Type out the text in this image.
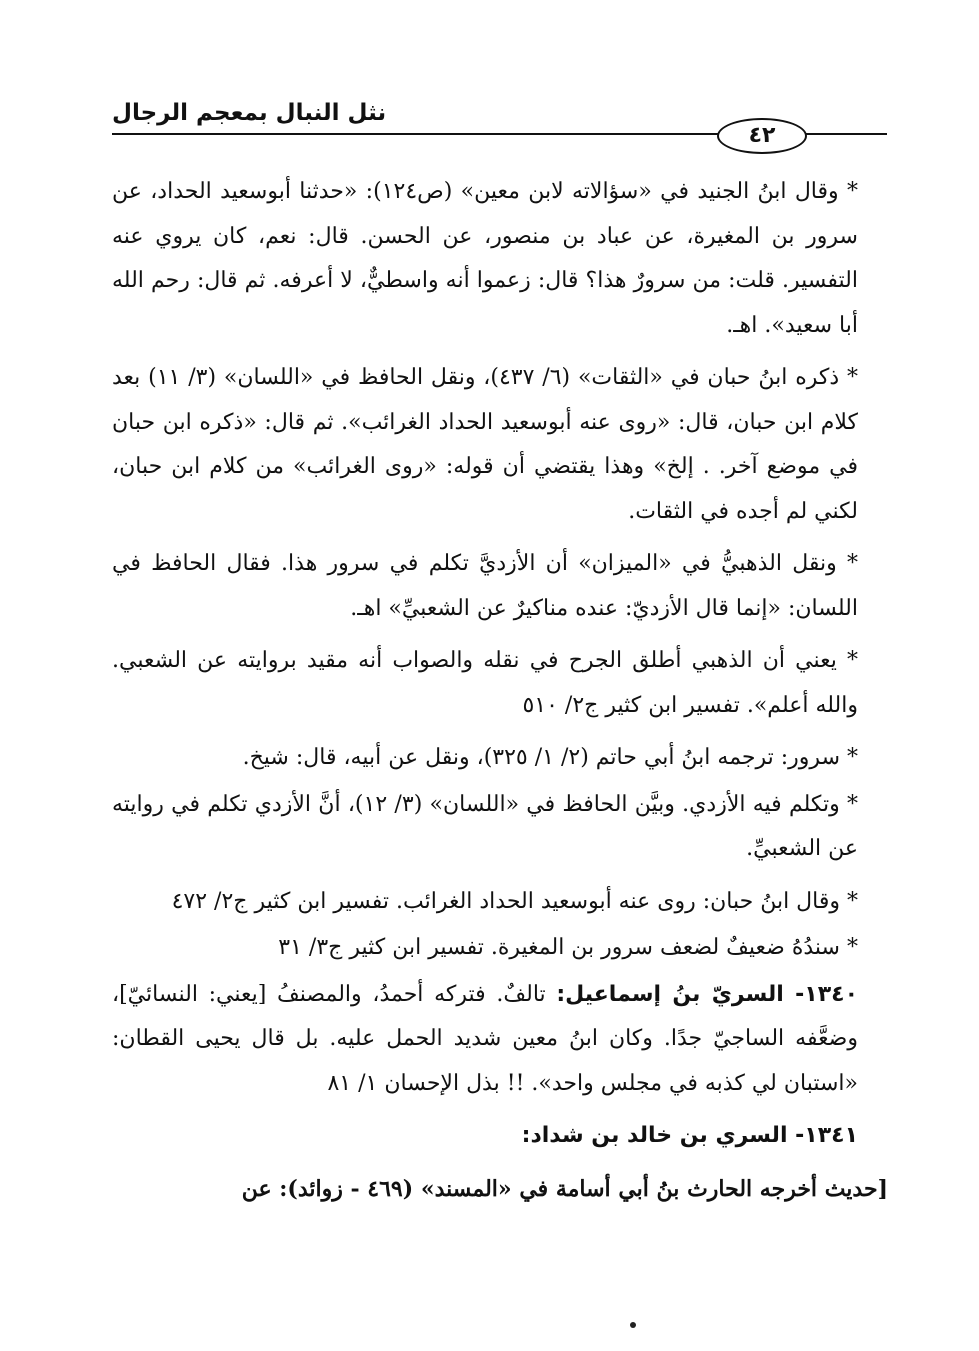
نثل النبال بمعجم الرجال
٤٢

* وقال ابنُ الجنيد في «سؤالاته لابن معين» (ص١٢٤): «حدثنا أبوسعيد الحداد، عن سرور بن المغيرة، عن عباد بن منصور، عن الحسن. قال: نعم، كان يروي عنه التفسير. قلت: من سرورٌ هذا؟ قال: زعموا أنه واسطيٌّ، لا أعرفه. ثم قال: رحم الله أبا سعيد». اهـ.

* ذكره ابنُ حبان في «الثقات» (٦/ ٤٣٧)، ونقل الحافظ في «اللسان» (٣/ ١١) بعد كلام ابن حبان، قال: «روى عنه أبوسعيد الحداد الغرائب». ثم قال: «ذكره ابن حبان في موضع آخر. . إلخ» وهذا يقتضي أن قوله: «روى الغرائب» من كلام ابن حبان، لكني لم أجده في الثقات.

* ونقل الذهبيُّ في «الميزان» أن الأزديَّ تكلم في سرور هذا. فقال الحافظ في اللسان: «إنما قال الأزديّ: عنده مناكيرٌ عن الشعبيِّ» اهـ.

* يعني أن الذهبي أطلق الجرح في نقله والصواب أنه مقيد بروايته عن الشعبي. والله أعلم». تفسير ابن كثير ج٢/ ٥١٠

* سرور: ترجمه ابنُ أبي حاتم (٢/ ١/ ٣٢٥)، ونقل عن أبيه، قال: شيخ.

* وتكلم فيه الأزدي. وبيَّن الحافظ في «اللسان» (٣/ ١٢)، أنَّ الأزدي تكلم في روايته عن الشعبيِّ.

* وقال ابنُ حبان: روى عنه أبوسعيد الحداد الغرائب. تفسير ابن كثير ج٢/ ٤٧٢

* سندُهُ ضعيفٌ لضعف سرور بن المغيرة. تفسير ابن كثير ج٣/ ٣١

١٣٤٠- السريّ بنُ إسماعيل: تالفٌ. فتركه أحمدُ، والمصنفُ [يعني: النسائيّ]، وضعَّفه الساجيّ جدًا. وكان ابنُ معين شديد الحمل عليه. بل قال يحيى القطان: «استبان لي كذبه في مجلس واحد». !! بذل الإحسان ١/ ٨١

١٣٤١- السري بن خالد بن شداد:

[حديث أخرجه الحارث بنُ أبي أسامة في «المسند» (٤٦٩ - زوائد): عن
